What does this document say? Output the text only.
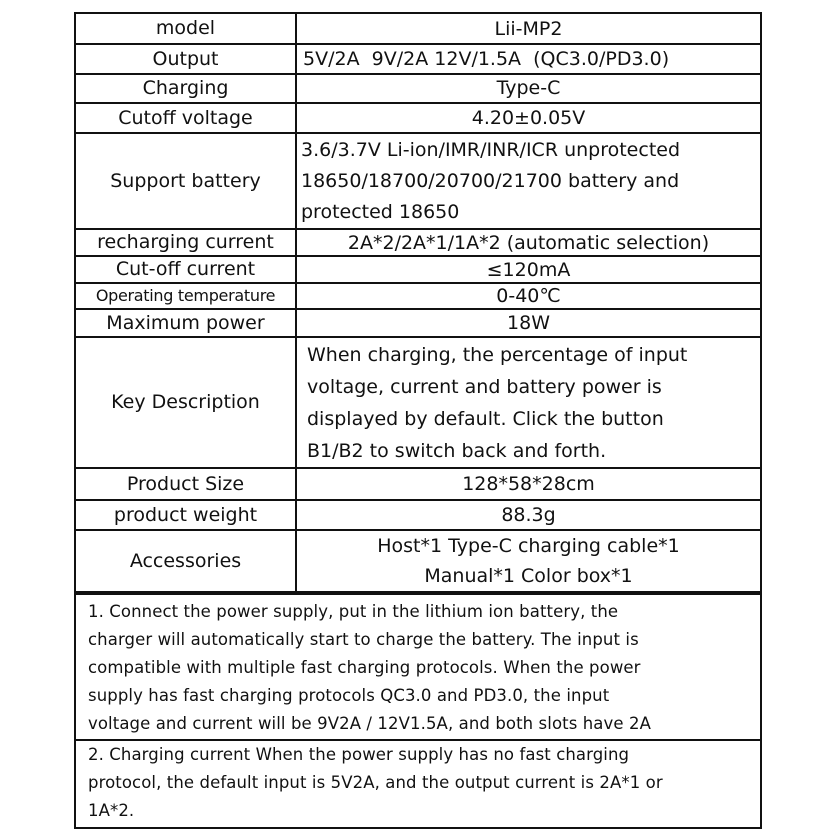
model	Lii-MP2

Output	5V/2A  9V/2A 12V/1.5A  (QC3.0/PD3.0)

Charging	Type-C

Cutoff voltage	4.20±0.05V

Support battery	3.6/3.7V Li-ion/IMR/INR/ICR unprotected
18650/18700/20700/21700 battery and
protected 18650

recharging current	2A*2/2A*1/1A*2 (automatic selection)

Cut-off current	≤120mA

Operating temperature	0-40℃

Maximum power	18W

Key Description	When charging, the percentage of input
voltage, current and battery power is
displayed by default. Click the button
B1/B2 to switch back and forth.

Product Size	128*58*28cm

product weight	88.3g

Accessories	Host*1 Type-C charging cable*1
Manual*1 Color box*1
1. Connect the power supply, put in the lithium ion battery, the
charger will automatically start to charge the battery. The input is
compatible with multiple fast charging protocols. When the power
supply has fast charging protocols QC3.0 and PD3.0, the input
voltage and current will be 9V2A / 12V1.5A, and both slots have 2A
2. Charging current When the power supply has no fast charging
protocol, the default input is 5V2A, and the output current is 2A*1 or
1A*2.
